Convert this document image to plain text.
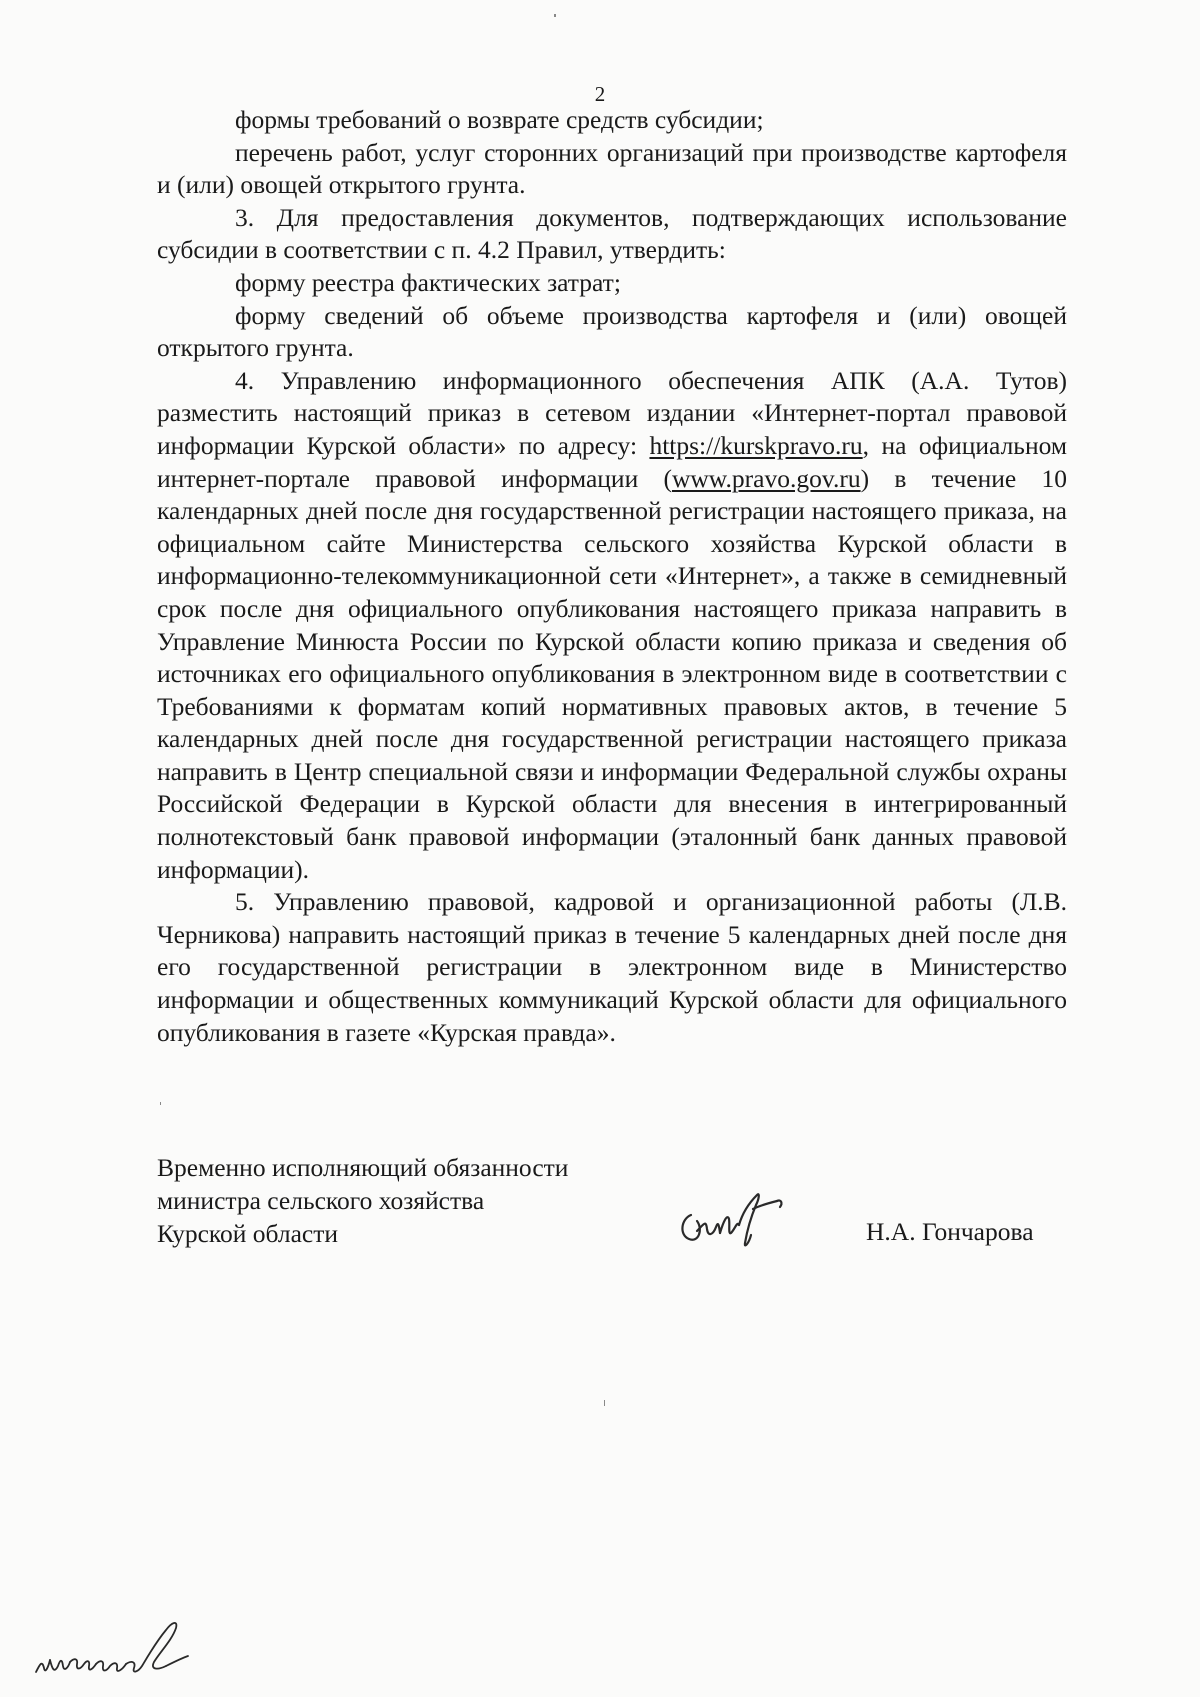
2

формы требований о возврате средств субсидии;

перечень работ, услуг сторонних организаций при производстве картофеля и (или) овощей открытого грунта.

3. Для предоставления документов, подтверждающих использование субсидии в соответствии с п. 4.2 Правил, утвердить:

форму реестра фактических затрат;

форму сведений об объеме производства картофеля и (или) овощей открытого грунта.

4. Управлению информационного обеспечения АПК (А.А. Тутов) разместить настоящий приказ в сетевом издании «Интернет-портал правовой информации Курской области» по адресу: https://kurskpravo.ru, на официальном интернет-портале правовой информации (www.pravo.gov.ru) в течение 10 календарных дней после дня государственной регистрации настоящего приказа, на официальном сайте Министерства сельского хозяйства Курской области в информационно-телекоммуникационной сети «Интернет», а также в семидневный срок после дня официального опубликования настоящего приказа направить в Управление Минюста России по Курской области копию приказа и сведения об источниках его официального опубликования в электронном виде в соответствии с Требованиями к форматам копий нормативных правовых актов, в течение 5 календарных дней после дня государственной регистрации настоящего приказа направить в Центр специальной связи и информации Федеральной службы охраны Российской Федерации в Курской области для внесения в интегрированный полнотекстовый банк правовой информации (эталонный банк данных правовой информации).

5. Управлению правовой, кадровой и организационной работы (Л.В. Черникова) направить настоящий приказ в течение 5 календарных дней после дня его государственной регистрации в электронном виде в Министерство информации и общественных коммуникаций Курской области для официального опубликования в газете «Курская правда».

Временно исполняющий обязанности
министра сельского хозяйства
Курской области	Н.А. Гончарова
